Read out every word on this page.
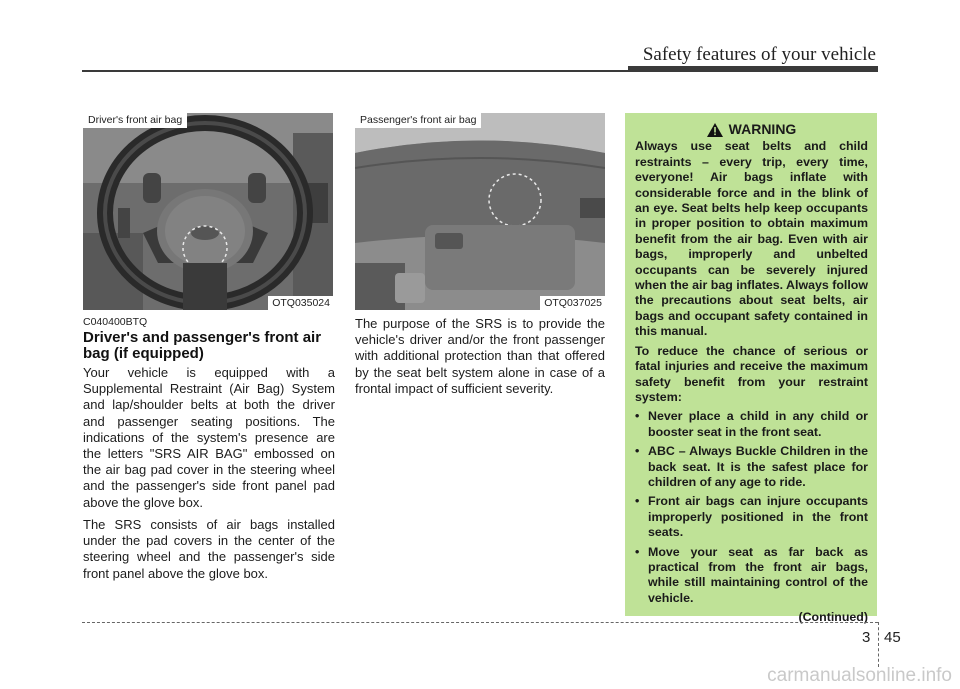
Safety features of your vehicle
Driver's front air bag
OTQ035024
Passenger's front air bag
OTQ037025
C040400BTQ
Driver's and passenger's front air bag (if equipped)
Your vehicle is equipped with a Supplemental Restraint (Air Bag) System and lap/shoulder belts at both the driver and passenger seating positions. The indications of the system's presence are the letters "SRS AIR BAG" embossed on the air bag pad cover in the steering wheel and the passenger's side front panel pad above the glove box.
The SRS consists of air bags installed under the pad covers in the center of the steering wheel and the passenger's side front panel above the glove box.
The purpose of the SRS is to provide the vehicle's driver and/or the front passenger with additional protection than that offered by the seat belt system alone in case of a frontal impact of sufficient severity.
WARNING

Always use seat belts and child restraints – every trip, every time, everyone! Air bags inflate with considerable force and in the blink of an eye. Seat belts help keep occupants in proper position to obtain maximum benefit from the air bag. Even with air bags, improperly and unbelted occupants can be severely injured when the air bag inflates. Always follow the precautions about seat belts, air bags and occupant safety contained in this manual.

To reduce the chance of serious or fatal injuries and receive the maximum safety benefit from your restraint system:

• Never place a child in any child or booster seat in the front seat.
• ABC – Always Buckle Children in the back seat. It is the safest place for children of any age to ride.
• Front air bags can injure occupants improperly positioned in the front seats.
• Move your seat as far back as practical from the front air bags, while still maintaining control of the vehicle.
(Continued)
3 45
carmanualsonline.info
